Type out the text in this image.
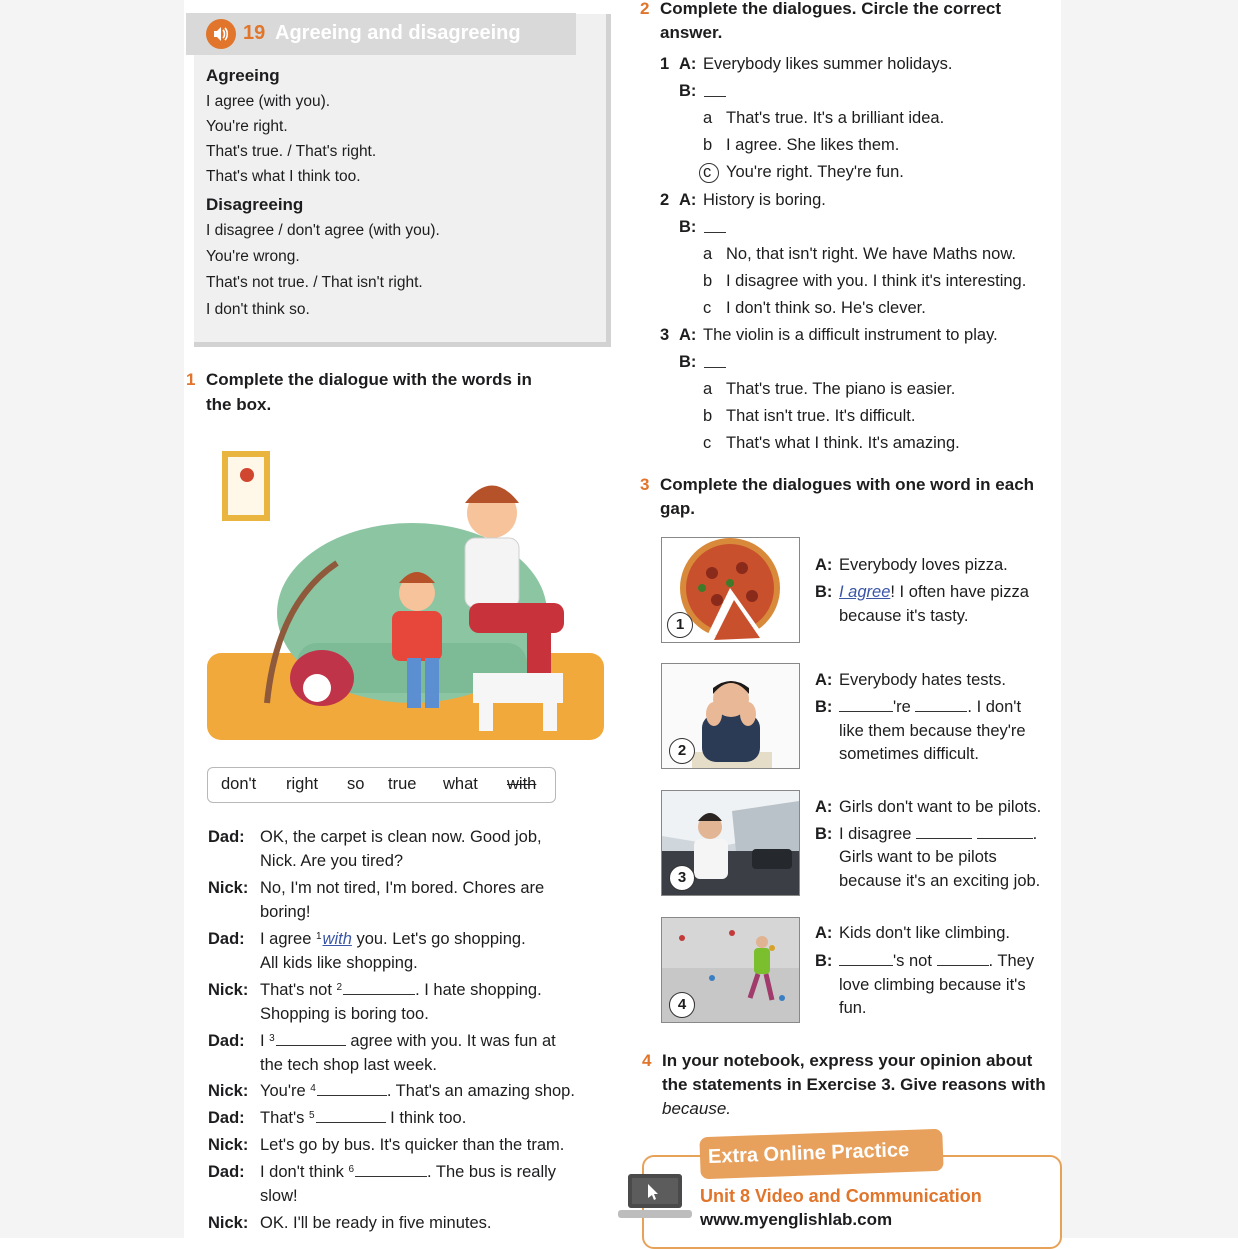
19 Agreeing and disagreeing
Agreeing
I agree (with you).
You're right.
That's true. / That's right.
That's what I think too.
Disagreeing
I disagree / don't agree (with you).
You're wrong.
That's not true. / That isn't right.
I don't think so.
1 Complete the dialogue with the words in
the box.
don't right so true what with
Dad: OK, the carpet is clean now. Good job,
Nick. Are you tired?
Nick: No, I'm not tired, I'm bored. Chores are
boring!
Dad: I agree $^1$with you. Let's go shopping.
All kids like shopping.
Nick: That's not $^2$	. I hate shopping.
Shopping is boring too.
Dad: I $^3$	agree with you. It was fun at
the tech shop last week.
Nick: You're $^4$	. That's an amazing shop.
Dad: That's $^5$	I think too.
Nick: Let's go by bus. It's quicker than the tram.
Dad: I don't think $^6$	. The bus is really
slow!
Nick: OK. I'll be ready in five minutes.
2 Complete the dialogues. Circle the correct
answer.
1 A: Everybody likes summer holidays.
B:
a That's true. It's a brilliant idea.
b I agree. She likes them.
c You're right. They're fun.
2 A: History is boring.
B:
a No, that isn't right. We have Maths now.
b I disagree with you. I think it's interesting.
c I don't think so. He's clever.
3 A: The violin is a difficult instrument to play.
B:
a That's true. The piano is easier.
b That isn't true. It's difficult.
c That's what I think. It's amazing.
3 Complete the dialogues with one word in each
gap.
1
A: Everybody loves pizza.
B: I agree! I often have pizza
because it's tasty.
2
A: Everybody hates tests.
B:	're	. I don't
like them because they're
sometimes difficult.
3
A: Girls don't want to be pilots.
B: I disagree	.
Girls want to be pilots
because it's an exciting job.
4
A: Kids don't like climbing.
B:	's not	. They
love climbing because it's
fun.
4 In your notebook, express your opinion about
the statements in Exercise 3. Give reasons with
because.
Extra Online Practice
Unit 8 Video and Communication
www.myenglishlab.com
